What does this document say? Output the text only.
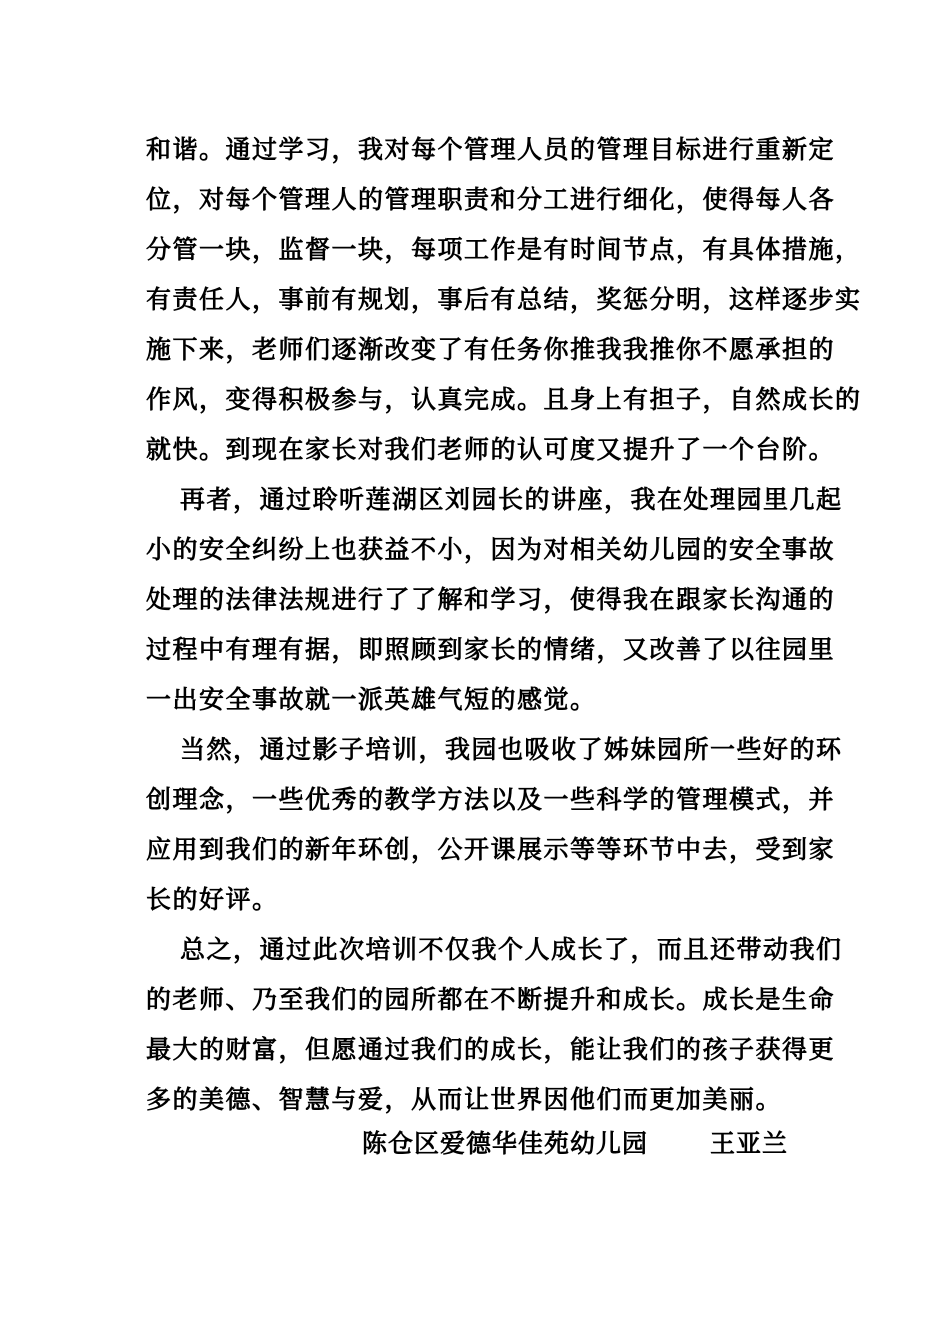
和谐。通过学习，我对每个管理人员的管理目标进行重新定
位，对每个管理人的管理职责和分工进行细化，使得每人各
分管一块，监督一块，每项工作是有时间节点，有具体措施，
有责任人，事前有规划，事后有总结，奖惩分明，这样逐步实
施下来，老师们逐渐改变了有任务你推我我推你不愿承担的
作风，变得积极参与，认真完成。且身上有担子，自然成长的
就快。到现在家长对我们老师的认可度又提升了一个台阶。
再者，通过聆听莲湖区刘园长的讲座，我在处理园里几起
小的安全纠纷上也获益不小，因为对相关幼儿园的安全事故
处理的法律法规进行了了解和学习，使得我在跟家长沟通的
过程中有理有据，即照顾到家长的情绪，又改善了以往园里
一出安全事故就一派英雄气短的感觉。
当然，通过影子培训，我园也吸收了姊妹园所一些好的环
创理念，一些优秀的教学方法以及一些科学的管理模式，并
应用到我们的新年环创，公开课展示等等环节中去，受到家
长的好评。
总之，通过此次培训不仅我个人成长了，而且还带动我们
的老师、乃至我们的园所都在不断提升和成长。成长是生命
最大的财富，但愿通过我们的成长，能让我们的孩子获得更
多的美德、智慧与爱，从而让世界因他们而更加美丽。
陈仓区爱德华佳苑幼儿园 王亚兰
